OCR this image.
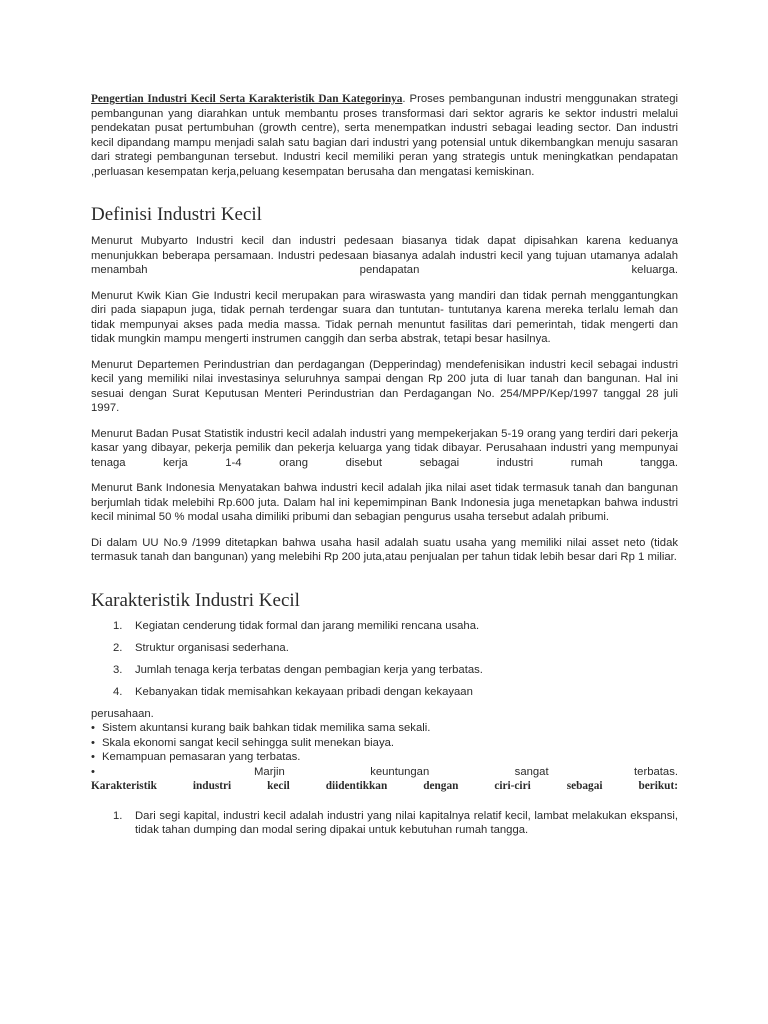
Pengertian Industri Kecil Serta Karakteristik Dan Kategorinya. Proses pembangunan industri menggunakan strategi pembangunan yang diarahkan untuk membantu proses transformasi dari sektor agraris ke sektor industri melalui pendekatan pusat pertumbuhan (growth centre), serta menempatkan industri sebagai leading sector. Dan industri kecil dipandang mampu menjadi salah satu bagian dari industri yang potensial untuk dikembangkan menuju sasaran dari strategi pembangunan tersebut. Industri kecil memiliki peran yang strategis untuk meningkatkan pendapatan ,perluasan kesempatan kerja,peluang kesempatan berusaha dan mengatasi kemiskinan.

Definisi Industri Kecil

Menurut Mubyarto Industri kecil dan industri pedesaan biasanya tidak dapat dipisahkan karena keduanya menunjukkan beberapa persamaan. Industri pedesaan biasanya adalah industri kecil yang tujuan utamanya adalah menambah pendapatan keluarga.

Menurut Kwik Kian Gie Industri kecil merupakan para wiraswasta yang mandiri dan tidak pernah menggantungkan diri pada siapapun juga, tidak pernah terdengar suara dan tuntutan- tuntutanya karena mereka terlalu lemah dan tidak mempunyai akses pada media massa. Tidak pernah menuntut fasilitas dari pemerintah, tidak mengerti dan tidak mungkin mampu mengerti instrumen canggih dan serba abstrak, tetapi besar hasilnya.

Menurut Departemen Perindustrian dan perdagangan (Depperindag) mendefenisikan industri kecil sebagai industri kecil yang memiliki nilai investasinya seluruhnya sampai dengan Rp 200 juta di luar tanah dan bangunan. Hal ini sesuai dengan Surat Keputusan Menteri Perindustrian dan Perdagangan No. 254/MPP/Kep/1997 tanggal 28 juli 1997.

Menurut Badan Pusat Statistik industri kecil adalah industri yang mempekerjakan 5-19 orang yang terdiri dari pekerja kasar yang dibayar, pekerja pemilik dan pekerja keluarga yang tidak dibayar. Perusahaan industri yang mempunyai tenaga kerja 1-4 orang disebut sebagai industri rumah tangga.

Menurut Bank Indonesia Menyatakan bahwa industri kecil adalah jika nilai aset tidak termasuk tanah dan bangunan berjumlah tidak melebihi Rp.600 juta. Dalam hal ini kepemimpinan Bank Indonesia juga menetapkan bahwa industri kecil minimal 50 % modal usaha dimiliki pribumi dan sebagian pengurus usaha tersebut adalah pribumi.

Di dalam UU No.9 /1999 ditetapkan bahwa usaha hasil adalah suatu usaha yang memiliki nilai asset neto (tidak termasuk tanah dan bangunan) yang melebihi Rp 200 juta,atau penjualan per tahun tidak lebih besar dari Rp 1 miliar.

Karakteristik Industri Kecil
1. Kegiatan cenderung tidak formal dan jarang memiliki rencana usaha.
2. Struktur organisasi sederhana.
3. Jumlah tenaga kerja terbatas dengan pembagian kerja yang terbatas.
4. Kebanyakan tidak memisahkan kekayaan pribadi dengan kekayaan

perusahaan.

• Sistem akuntansi kurang baik bahkan tidak memilika sama sekali.
• Skala ekonomi sangat kecil sehingga sulit menekan biaya.
• Kemampuan pemasaran yang terbatas.
•	Marjin keuntungan sangat terbatas.

Karakteristik industri kecil diidentikkan dengan ciri-ciri sebagai berikut:

1. Dari segi kapital, industri kecil adalah industri yang nilai kapitalnya relatif kecil, lambat melakukan ekspansi, tidak tahan dumping dan modal sering dipakai untuk kebutuhan rumah tangga.
